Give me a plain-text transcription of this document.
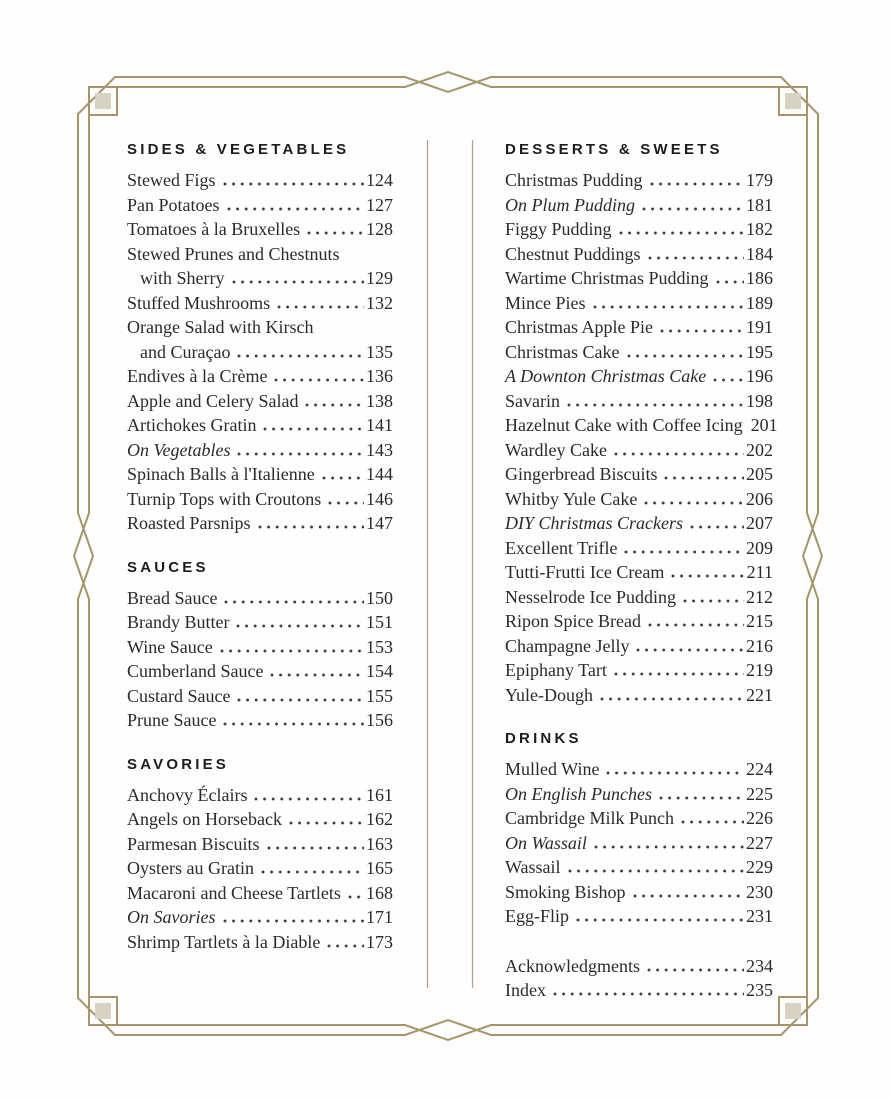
SIDES & VEGETABLES
Stewed Figs	124
Pan Potatoes	127
Tomatoes à la Bruxelles	128
Stewed Prunes and Chestnuts
with Sherry	129
Stuffed Mushrooms	132
Orange Salad with Kirsch
and Curaçao	135
Endives à la Crème	136
Apple and Celery Salad	138
Artichokes Gratin	141
On Vegetables	143
Spinach Balls à l'Italienne	144
Turnip Tops with Croutons 146
Roasted Parsnips	147
SAUCES
Bread Sauce	150
Brandy Butter	151
Wine Sauce	153
Cumberland Sauce	154
Custard Sauce	155
Prune Sauce	156
SAVORIES
Anchovy Éclairs	161
Angels on Horseback	162
Parmesan Biscuits	163
Oysters au Gratin	165
Macaroni and Cheese Tartlets 168
On Savories	171
Shrimp Tartlets à la Diable	173
DESSERTS & SWEETS
Christmas Pudding	179
On Plum Pudding	181
Figgy Pudding	182
Chestnut Puddings	184
Wartime Christmas Pudding 186
Mince Pies	189
Christmas Apple Pie	191
Christmas Cake	195
A Downton Christmas Cake 196
Savarin	198
Hazelnut Cake with Coffee Icing 201
Wardley Cake	202
Gingerbread Biscuits	205
Whitby Yule Cake	206
DIY Christmas Crackers	207
Excellent Trifle	209
Tutti-Frutti Ice Cream	211
Nesselrode Ice Pudding	212
Ripon Spice Bread	215
Champagne Jelly	216
Epiphany Tart	219
Yule-Dough	221
DRINKS
Mulled Wine	224
On English Punches	225
Cambridge Milk Punch	226
On Wassail	227
Wassail	229
Smoking Bishop	230
Egg-Flip	231
Acknowledgments	234
Index	235
